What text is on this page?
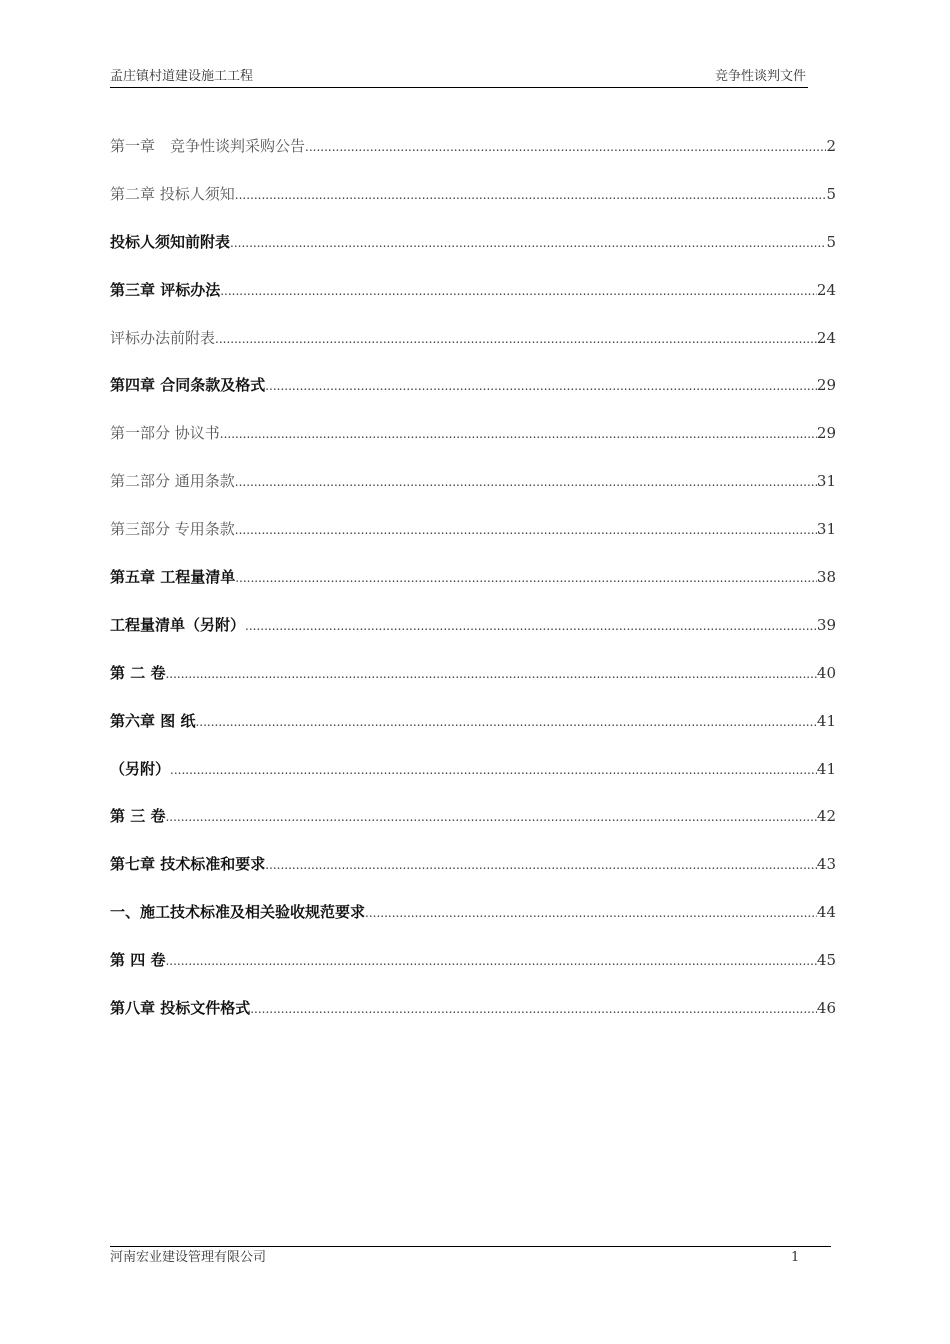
孟庄镇村道建设施工工程	竞争性谈判文件
第一章　竞争性谈判采购公告 .....	2
第二章 投标人须知 .....	5
投标人须知前附表 .....	5
第三章 评标办法 .....	24
评标办法前附表 .....	24
第四章 合同条款及格式 .....	29
第一部分 协议书 .....	29
第二部分 通用条款 .....	31
第三部分 专用条款 .....	31
第五章 工程量清单 .....	38
工程量清单（另附） .....	39
第 二 卷 .....	40
第六章 图 纸 .....	41
（另附） .....	41
第 三 卷 .....	42
第七章 技术标准和要求 .....	43
一、施工技术标准及相关验收规范要求 .....	44
第 四 卷 .....	45
第八章 投标文件格式 .....	46
河南宏业建设管理有限公司	1
